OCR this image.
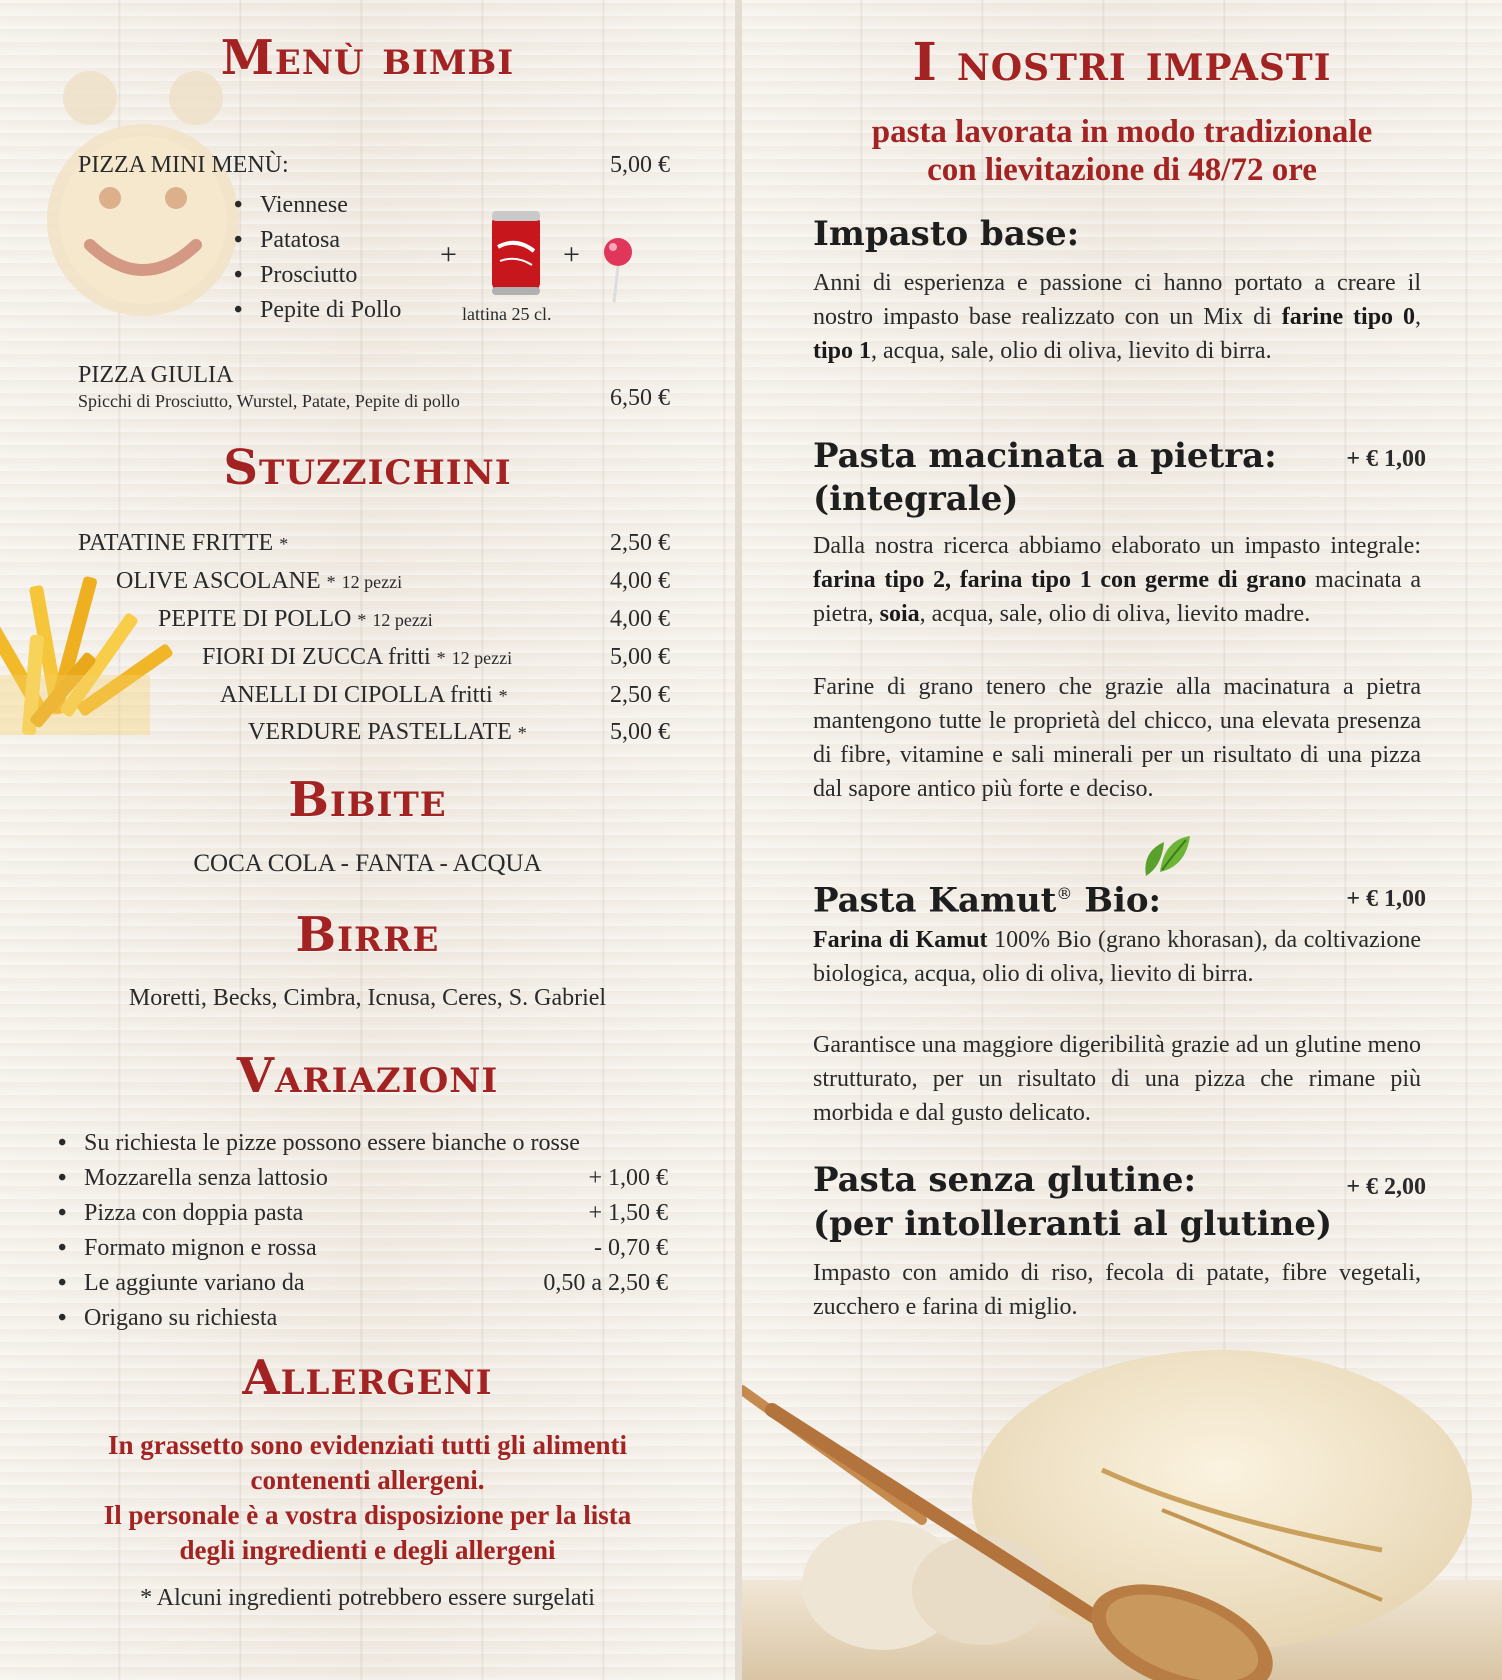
Menù bimbi
PIZZA MINI MENÙ:	5,00 €
• Viennese
• Patatosa
• Prosciutto
• Pepite di Pollo
+	+
lattina 25 cl.
PIZZA GIULIA
Spicchi di Prosciutto, Wurstel, Patate, Pepite di pollo	6,50 €
Stuzzichini
PATATINE FRITTE *	2,50 €
OLIVE ASCOLANE * 12 pezzi	4,00 €
PEPITE DI POLLO * 12 pezzi	4,00 €
FIORI DI ZUCCA fritti * 12 pezzi	5,00 €
ANELLI DI CIPOLLA fritti *	2,50 €
VERDURE PASTELLATE *	5,00 €
Bibite
COCA COLA - FANTA - ACQUA
Birre
Moretti, Becks, Cimbra, Icnusa, Ceres, S. Gabriel
Variazioni
• Su richiesta le pizze possono essere bianche o rosse
• Mozzarella senza lattosio	+ 1,00 €
• Pizza con doppia pasta	+ 1,50 €
• Formato mignon e rossa	- 0,70 €
• Le aggiunte variano da	0,50 a 2,50 €
• Origano su richiesta
Allergeni
In grassetto sono evidenziati tutti gli alimenti
contenenti allergeni.
Il personale è a vostra disposizione per la lista
degli ingredienti e degli allergeni
* Alcuni ingredienti potrebbero essere surgelati
I nostri impasti
pasta lavorata in modo tradizionale
con lievitazione di 48/72 ore
Impasto base:
Anni di esperienza e passione ci hanno portato a creare il nostro impasto base realizzato con un Mix di farine tipo 0, tipo 1, acqua, sale, olio di oliva, lievito di birra.
Pasta macinata a pietra:	+ € 1,00
(integrale)
Dalla nostra ricerca abbiamo elaborato un impasto integrale: farina tipo 2, farina tipo 1 con germe di grano macinata a pietra, soia, acqua, sale, olio di oliva, lievito madre.
Farine di grano tenero che grazie alla macinatura a pietra mantengono tutte le proprietà del chicco, una elevata presenza di fibre, vitamine e sali minerali per un risultato di una pizza dal sapore antico più forte e deciso.
Pasta Kamut® Bio:	+ € 1,00
Farina di Kamut 100% Bio (grano khorasan), da coltivazione biologica, acqua, olio di oliva, lievito di birra.
Garantisce una maggiore digeribilità grazie ad un glutine meno strutturato, per un risultato di una pizza che rimane più morbida e dal gusto delicato.
Pasta senza glutine:	+ € 2,00
(per intolleranti al glutine)
Impasto con amido di riso, fecola di patate, fibre vegetali, zucchero e farina di miglio.
